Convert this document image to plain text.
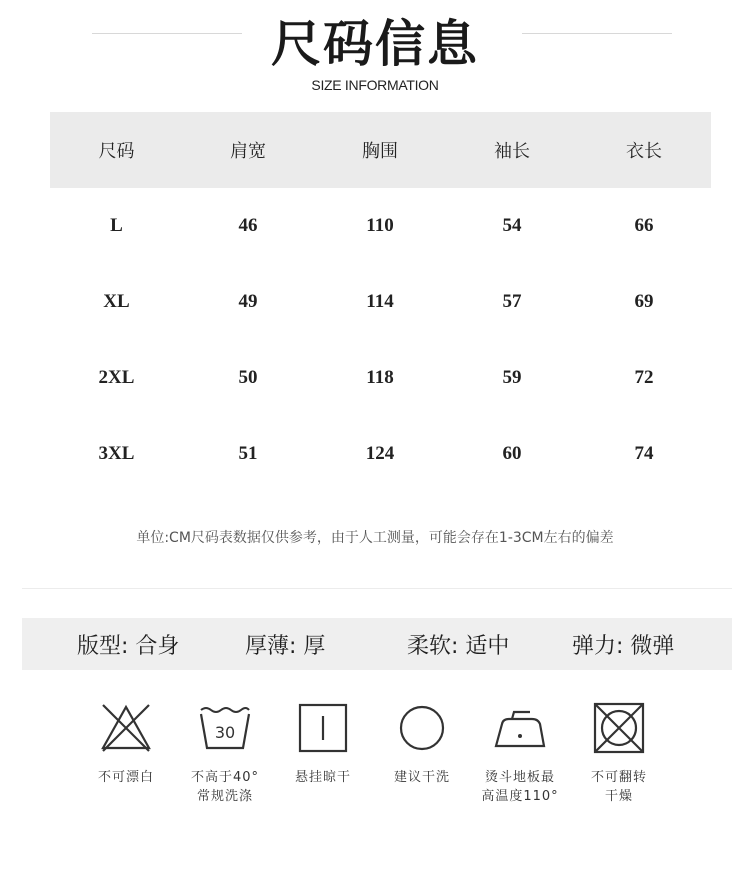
尺码信息
SIZE INFORMATION
尺码	肩宽	胸围	袖长	衣长
L	46	110	54	66
XL	49	114	57	69
2XL	50	118	59	72
3XL	51	124	60	74
单位:CM尺码表数据仅供参考，由于人工测量，可能会存在1-3CM左右的偏差
版型: 合身	厚薄: 厚	柔软: 适中	弹力: 微弹
不可漂白
30
不高于40°
常规洗涤
悬挂晾干	建议干洗	烫斗地板最
高温度110°
不可翻转
干燥
